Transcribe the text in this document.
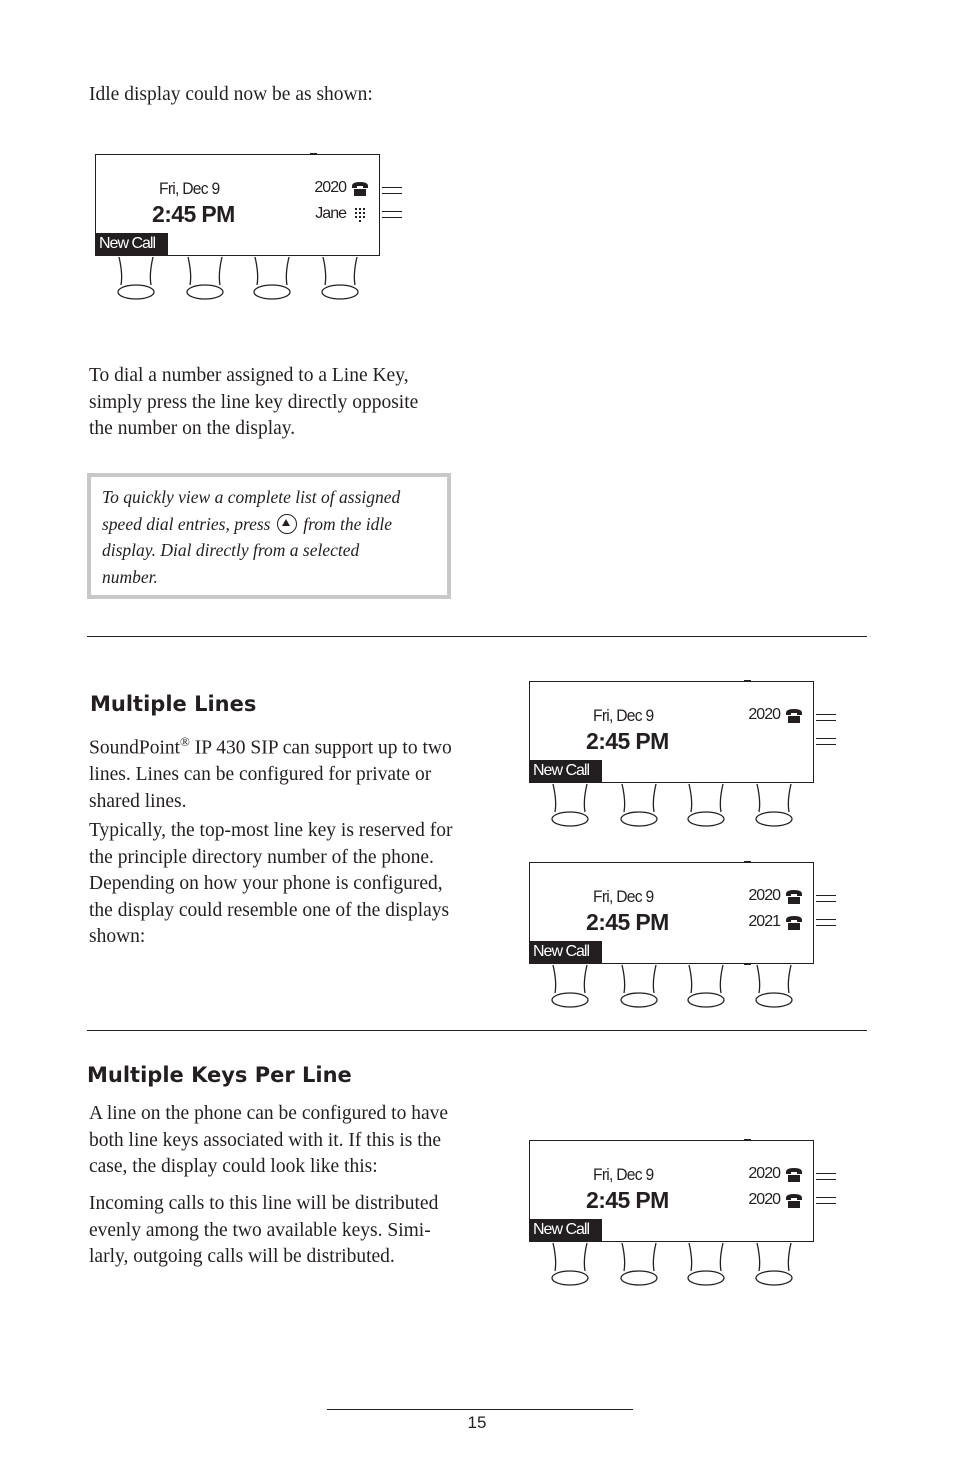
Idle display could now be as shown:

Fri, Dec 9
2:45 PM
2020
Jane
New Call

To dial a number assigned to a Line Key,
simply press the line key directly opposite
the number on the display.

To quickly view a complete list of assigned
speed dial entries, press from the idle
display. Dial directly from a selected
number.
Multiple Lines

SoundPoint® IP 430 SIP can support up to two
lines. Lines can be configured for private or
shared lines.

Typically, the top-most line key is reserved for
the principle directory number of the phone.
Depending on how your phone is configured,
the display could resemble one of the displays
shown:

Fri, Dec 9
2:45 PM
2020
New Call
Fri, Dec 9
2:45 PM
2020
2021
New Call
Multiple Keys Per Line

A line on the phone can be configured to have
both line keys associated with it. If this is the
case, the display could look like this:

Incoming calls to this line will be distributed
evenly among the two available keys. Simi-
larly, outgoing calls will be distributed.

Fri, Dec 9
2:45 PM
2020
2020
New Call
15
